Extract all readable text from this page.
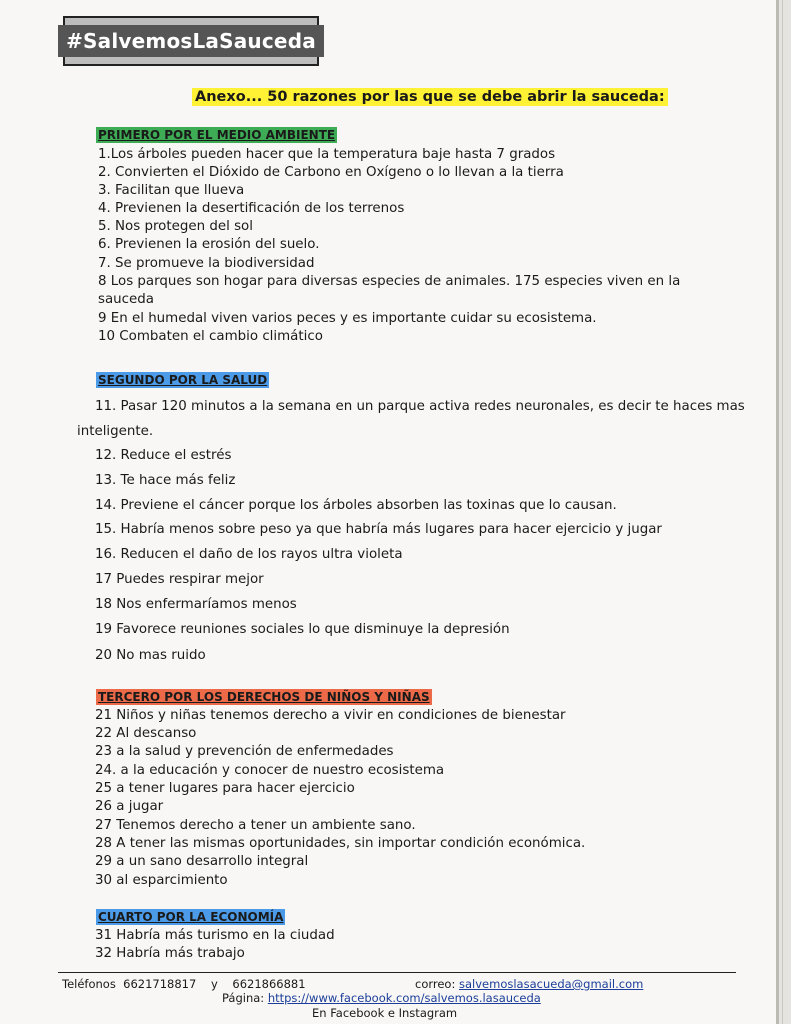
#SalvemosLaSauceda
Anexo... 50 razones por las que se debe abrir la sauceda:
PRIMERO POR EL MEDIO AMBIENTE
1.Los árboles pueden hacer que la temperatura baje hasta 7 grados
2. Convierten el Dióxido de Carbono en Oxígeno o lo llevan a la tierra
3. Facilitan que llueva
4. Previenen la desertificación de los terrenos
5. Nos protegen del sol
6. Previenen la erosión del suelo.
7. Se promueve la biodiversidad
8 Los parques son hogar para diversas especies de animales. 175 especies viven en la
sauceda
9 En el humedal viven varios peces y es importante cuidar su ecosistema.
10 Combaten el cambio climático
SEGUNDO POR LA SALUD
11. Pasar 120 minutos a la semana en un parque activa redes neuronales, es decir te haces mas
inteligente.
12. Reduce el estrés
13. Te hace más feliz
14. Previene el cáncer porque los árboles absorben las toxinas que lo causan.
15. Habría menos sobre peso ya que habría más lugares para hacer ejercicio y jugar
16. Reducen el daño de los rayos ultra violeta
17 Puedes respirar mejor
18 Nos enfermaríamos menos
19 Favorece reuniones sociales lo que disminuye la depresión
20 No mas ruido
TERCERO POR LOS DERECHOS DE NIÑOS Y NIÑAS
21 Niños y niñas tenemos derecho a vivir en condiciones de bienestar
22 Al descanso
23 a la salud y prevención de enfermedades
24. a la educación y conocer de nuestro ecosistema
25 a tener lugares para hacer ejercicio
26 a jugar
27 Tenemos derecho a tener un ambiente sano.
28 A tener las mismas oportunidades, sin importar condición económica.
29 a un sano desarrollo integral
30 al esparcimiento
CUARTO POR LA ECONOMÍA
31 Habría más turismo en la ciudad
32 Habría más trabajo
Teléfonos 6621718817 y 6621866881	correo: salvemoslasacueda@gmail.com
Página: https://www.facebook.com/salvemos.lasauceda
En Facebook e Instagram
